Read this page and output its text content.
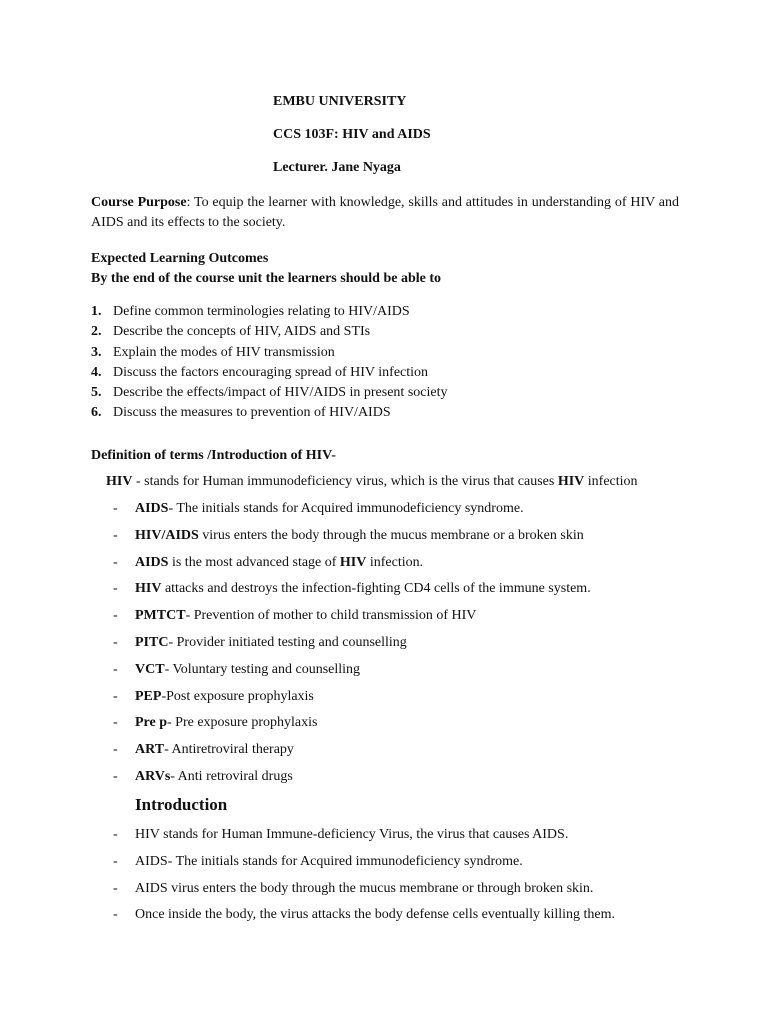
EMBU UNIVERSITY
CCS 103F: HIV and AIDS
Lecturer. Jane Nyaga
Course Purpose: To equip the learner with knowledge, skills and attitudes in understanding of HIV and AIDS and its effects to the society.
Expected Learning Outcomes
By the end of the course unit the learners should be able to
1. Define common terminologies relating to HIV/AIDS
2. Describe the concepts of HIV, AIDS and STIs
3. Explain the modes of HIV transmission
4. Discuss the factors encouraging spread of HIV infection
5. Describe the effects/impact of HIV/AIDS in present society
6. Discuss the measures to prevention of HIV/AIDS
Definition of terms /Introduction of HIV-
HIV - stands for Human immunodeficiency virus, which is the virus that causes HIV infection
- AIDS- The initials stands for Acquired immunodeficiency syndrome.
- HIV/AIDS virus enters the body through the mucus membrane or a broken skin
- AIDS is the most advanced stage of HIV infection.
- HIV attacks and destroys the infection-fighting CD4 cells of the immune system.
- PMTCT- Prevention of mother to child transmission of HIV
- PITC- Provider initiated testing and counselling
- VCT- Voluntary testing and counselling
- PEP-Post exposure prophylaxis
- Pre p- Pre exposure prophylaxis
- ART- Antiretroviral therapy
- ARVs- Anti retroviral drugs
Introduction
- HIV stands for Human Immune-deficiency Virus, the virus that causes AIDS.
- AIDS- The initials stands for Acquired immunodeficiency syndrome.
- AIDS virus enters the body through the mucus membrane or through broken skin.
- Once inside the body, the virus attacks the body defense cells eventually killing them.
